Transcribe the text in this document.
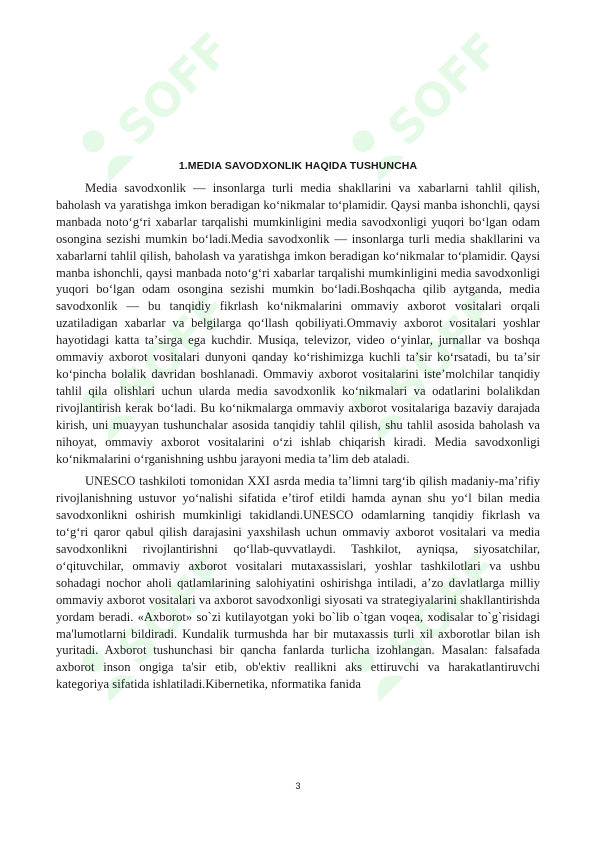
SOFF	SOFF
SOFF	SOFF
SOFF	SOFF
1.MEDIA SAVODXONLIK HAQIDA TUSHUNCHA

Media savodxonlik — insonlarga turli media shakllarini va xabarlarni tahlil qilish, baholash va yaratishga imkon beradigan koʻnikmalar toʻplamidir. Qaysi manba ishonchli, qaysi manbada notoʻgʻri xabarlar tarqalishi mumkinligini media savodxonligi yuqori boʻlgan odam osongina sezishi mumkin boʻladi.Media savodxonlik — insonlarga turli media shakllarini va xabarlarni tahlil qilish, baholash va yaratishga imkon beradigan koʻnikmalar toʻplamidir. Qaysi manba ishonchli, qaysi manbada notoʻgʻri xabarlar tarqalishi mumkinligini media savodxonligi yuqori boʻlgan odam osongina sezishi mumkin boʻladi.Boshqacha qilib aytganda, media savodxonlik — bu tanqidiy fikrlash koʻnikmalarini ommaviy axborot vositalari orqali uzatiladigan xabarlar va belgilarga qoʻllash qobiliyati.Ommaviy axborot vositalari yoshlar hayotidagi katta taʼsirga ega kuchdir. Musiqa, televizor, video oʻyinlar, jurnallar va boshqa ommaviy axborot vositalari dunyoni qanday koʻrishimizga kuchli taʼsir koʻrsatadi, bu taʼsir koʻpincha bolalik davridan boshlanadi. Ommaviy axborot vositalarini isteʼmolchilar tanqidiy tahlil qila olishlari uchun ularda media savodxonlik koʻnikmalari va odatlarini bolalikdan rivojlantirish kerak boʻladi. Bu koʻnikmalarga ommaviy axborot vositalariga bazaviy darajada kirish, uni muayyan tushunchalar asosida tanqidiy tahlil qilish, shu tahlil asosida baholash va nihoyat, ommaviy axborot vositalarini oʻzi ishlab chiqarish kiradi. Media savodxonligi koʻnikmalarini oʻrganishning ushbu jarayoni media taʼlim deb ataladi.

UNESCO tashkiloti tomonidan XXI asrda media taʼlimni targʻib qilish madaniy-maʼrifiy rivojlanishning ustuvor yoʻnalishi sifatida eʼtirof etildi hamda aynan shu yoʻl bilan media savodxonlikni oshirish mumkinligi takidlandi.UNESCO odamlarning tanqidiy fikrlash va toʻgʻri qaror qabul qilish darajasini yaxshilash uchun ommaviy axborot vositalari va media savodxonlikni rivojlantirishni qoʻllab-quvvatlaydi. Tashkilot, ayniqsa, siyosatchilar, oʻqituvchilar, ommaviy axborot vositalari mutaxassislari, yoshlar tashkilotlari va ushbu sohadagi nochor aholi qatlamlarining salohiyatini oshirishga intiladi, aʼzo davlatlarga milliy ommaviy axborot vositalari va axborot savodxonligi siyosati va strategiyalarini shakllantirishda yordam beradi. «Axborot» so`zi kutilayotgan yoki bo`lib o`tgan voqea, xodisalar to`g`risidagi ma'lumotlarni bildiradi. Kundalik turmushda har bir mutaxassis turli xil axborotlar bilan ish yuritadi. Axborot tushunchasi bir qancha fanlarda turlicha izohlangan. Masalan: falsafada axborot inson ongiga ta'sir etib, ob'ektiv reallikni aks ettiruvchi va harakatlantiruvchi kategoriya sifatida ishlatiladi.Kibernetika, nformatika fanida

3
